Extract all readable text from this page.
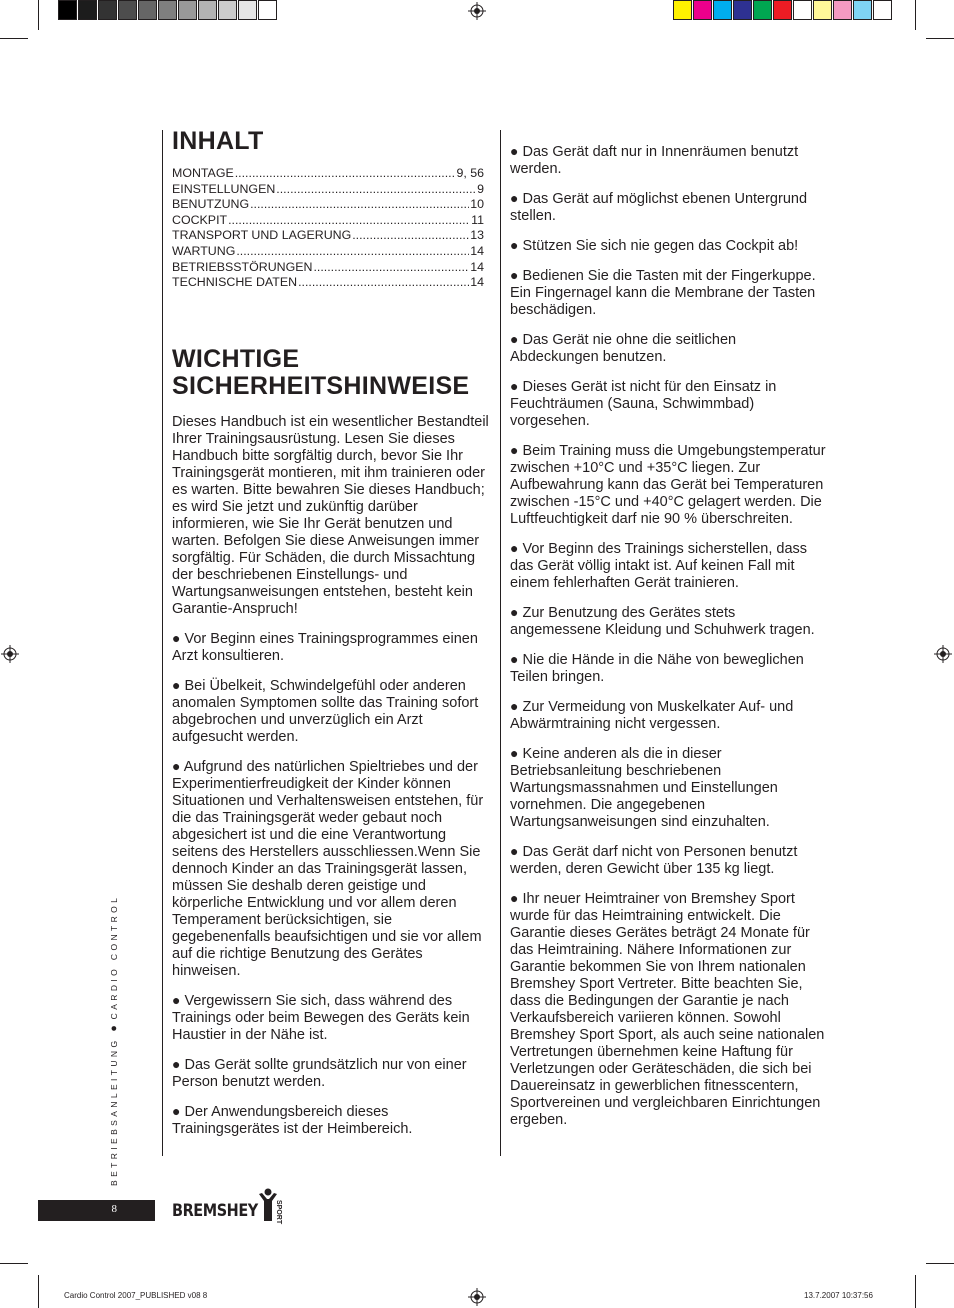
INHALT
MONTAGE .....	9, 56
EINSTELLUNGEN .....	9
BENUTZUNG .....	10
COCKPIT .....	11
TRANSPORT UND LAGERUNG .....	13
WARTUNG .....	14
BETRIEBSSTÖRUNGEN .....	14
TECHNISCHE DATEN .....	14
WICHTIGE
SICHERHEITSHINWEISE

Dieses Handbuch ist ein wesentlicher Bestandteil Ihrer Trainingsausrüstung. Lesen Sie dieses Handbuch bitte sorgfältig durch, bevor Sie Ihr Trainingsgerät montieren, mit ihm trainieren oder es warten. Bitte bewahren Sie dieses Handbuch; es wird Sie jetzt und zukünftig darüber informieren, wie Sie Ihr Gerät benutzen und warten. Befolgen Sie diese Anweisungen immer sorgfältig. Für Schäden, die durch Missachtung der beschriebenen Einstellungs- und Wartungsanweisungen entstehen, besteht kein Garantie-Anspruch!

● Vor Beginn eines Trainingsprogrammes einen Arzt konsultieren.

● Bei Übelkeit, Schwindelgefühl oder anderen anomalen Symptomen sollte das Training sofort abgebrochen und unverzüglich ein Arzt aufgesucht werden.

● Aufgrund des natürlichen Spieltriebes und der Experimentierfreudigkeit der Kinder können Situationen und Verhaltensweisen entstehen, für die das Trainingsgerät weder gebaut noch abgesichert ist und die eine Verantwortung seitens des Herstellers ausschliessen.Wenn Sie dennoch Kinder an das Trainingsgerät lassen, müssen Sie deshalb deren geistige und körperliche Entwicklung und vor allem deren Temperament berücksichtigen, sie gegebenenfalls beaufsichtigen und sie vor allem auf die richtige Benutzung des Gerätes hinweisen.

● Vergewissern Sie sich, dass während des Trainings oder beim Bewegen des Geräts kein Haustier in der Nähe ist.

● Das Gerät sollte grundsätzlich nur von einer Person benutzt werden.

● Der Anwendungsbereich dieses Trainingsgerätes ist der Heimbereich.

● Das Gerät daft nur in Innenräumen benutzt werden.

● Das Gerät auf möglichst ebenen Untergrund stellen.

● Stützen Sie sich nie gegen das Cockpit ab!

● Bedienen Sie die Tasten mit der Fingerkuppe. Ein Fingernagel kann die Membrane der Tasten beschädigen.

● Das Gerät nie ohne die seitlichen Abdeckungen benutzen.

● Dieses Gerät ist nicht für den Einsatz in Feuchträumen (Sauna, Schwimmbad) vorgesehen.

● Beim Training muss die Umgebungstemperatur zwischen +10°C und +35°C liegen. Zur Aufbewahrung kann das Gerät bei Temperaturen zwischen -15°C und +40°C gelagert werden. Die Luftfeuchtigkeit darf nie 90 % überschreiten.

● Vor Beginn des Trainings sicherstellen, dass das Gerät völlig intakt ist. Auf keinen Fall mit einem fehlerhaften Gerät trainieren.

● Zur Benutzung des Gerätes stets angemessene Kleidung und Schuhwerk tragen.

● Nie die Hände in die Nähe von beweglichen Teilen bringen.

● Zur Vermeidung von Muskelkater Auf- und Abwärmtraining nicht vergessen.

● Keine anderen als die in dieser Betriebsanleitung beschriebenen Wartungsmassnahmen und Einstellungen vornehmen. Die angegebenen Wartungsanweisungen sind einzuhalten.

● Das Gerät darf nicht von Personen benutzt werden, deren Gewicht über 135 kg liegt.

● Ihr neuer Heimtrainer von Bremshey Sport wurde für das Heimtraining entwickelt. Die Garantie dieses Gerätes beträgt 24 Monate für das Heimtraining. Nähere Informationen zur Garantie bekommen Sie von Ihrem nationalen Bremshey Sport Vertreter. Bitte beachten Sie, dass die Bedingungen der Garantie je nach Verkaufsbereich variieren können. Sowohl Bremshey Sport Sport, als auch seine nationalen Vertretungen übernehmen keine Haftung für Verletzungen oder Geräteschäden, die sich bei Dauereinsatz in gewerblichen fitnesscentern, Sportvereinen und vergleichbaren Einrichtungen ergeben.

BETRIEBSANLEITUNG ● CARDIO CONTROL
8	BREMSHEY SPORT
Cardio Control 2007_PUBLISHED v08 8	13.7.2007 10:37:56
